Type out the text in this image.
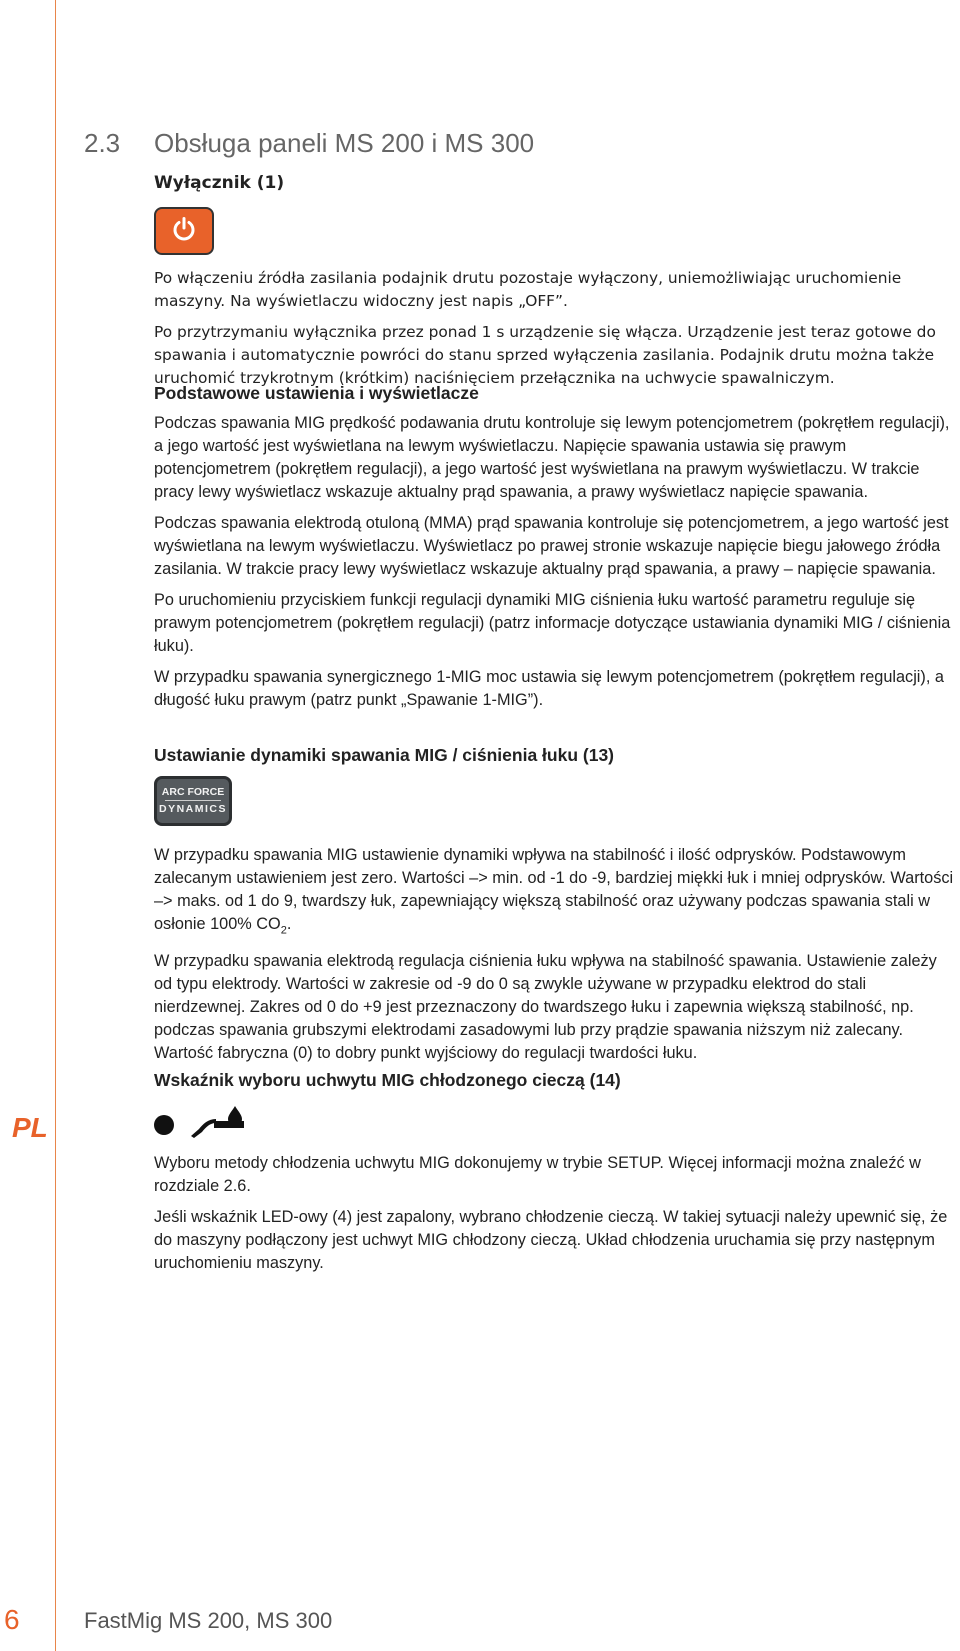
PL
2.3 Obsługa paneli MS 200 i MS 300
Wyłącznik (1)

Po włączeniu źródła zasilania podajnik drutu pozostaje wyłączony, uniemożliwiając uruchomienie maszyny. Na wyświetlaczu widoczny jest napis „OFF”.

Po przytrzymaniu wyłącznika przez ponad 1 s urządzenie się włącza. Urządzenie jest teraz gotowe do spawania i automatycznie powróci do stanu sprzed wyłączenia zasilania. Podajnik drutu można także uruchomić trzykrotnym (krótkim) naciśnięciem przełącznika na uchwycie spawalniczym.

Podstawowe ustawienia i wyświetlacze

Podczas spawania MIG prędkość podawania drutu kontroluje się lewym potencjometrem (pokrętłem regulacji), a jego wartość jest wyświetlana na lewym wyświetlaczu. Napięcie spawania ustawia się prawym potencjometrem (pokrętłem regulacji), a jego wartość jest wyświetlana na prawym wyświetlaczu. W trakcie pracy lewy wyświetlacz wskazuje aktualny prąd spawania, a prawy wyświetlacz napięcie spawania.

Podczas spawania elektrodą otuloną (MMA) prąd spawania kontroluje się potencjometrem, a jego wartość jest wyświetlana na lewym wyświetlaczu. Wyświetlacz po prawej stronie wskazuje napięcie biegu jałowego źródła zasilania. W trakcie pracy lewy wyświetlacz wskazuje aktualny prąd spawania, a prawy – napięcie spawania.

Po uruchomieniu przyciskiem funkcji regulacji dynamiki MIG ciśnienia łuku wartość parametru reguluje się prawym potencjometrem (pokrętłem regulacji) (patrz informacje dotyczące ustawiania dynamiki MIG / ciśnienia łuku).

W przypadku spawania synergicznego 1-MIG moc ustawia się lewym potencjometrem (pokrętłem regulacji), a długość łuku prawym (patrz punkt „Spawanie 1-MIG”).

Ustawianie dynamiki spawania MIG / ciśnienia łuku (13)
ARC FORCE
DYNAMICS

W przypadku spawania MIG ustawienie dynamiki wpływa na stabilność i ilość odprysków. Podstawowym zalecanym ustawieniem jest zero. Wartości –> min. od -1 do -9, bardziej miękki łuk i mniej odprysków. Wartości –> maks. od 1 do 9, twardszy łuk, zapewniający większą stabilność oraz używany podczas spawania stali w osłonie 100% $CO_2$.

W przypadku spawania elektrodą regulacja ciśnienia łuku wpływa na stabilność spawania. Ustawienie zależy od typu elektrody. Wartości w zakresie od -9 do 0 są zwykle używane w przypadku elektrod do stali nierdzewnej. Zakres od 0 do +9 jest przeznaczony do twardszego łuku i zapewnia większą stabilność, np. podczas spawania grubszymi elektrodami zasadowymi lub przy prądzie spawania niższym niż zalecany. Wartość fabryczna (0) to dobry punkt wyjściowy do regulacji twardości łuku.

Wskaźnik wyboru uchwytu MIG chłodzonego cieczą (14)

Wyboru metody chłodzenia uchwytu MIG dokonujemy w trybie SETUP. Więcej informacji można znaleźć w rozdziale 2.6.

Jeśli wskaźnik LED-owy (4) jest zapalony, wybrano chłodzenie cieczą. W takiej sytuacji należy upewnić się, że do maszyny podłączony jest uchwyt MIG chłodzony cieczą. Układ chłodzenia uruchamia się przy następnym uruchomieniu maszyny.

6	FastMig MS 200, MS 300
